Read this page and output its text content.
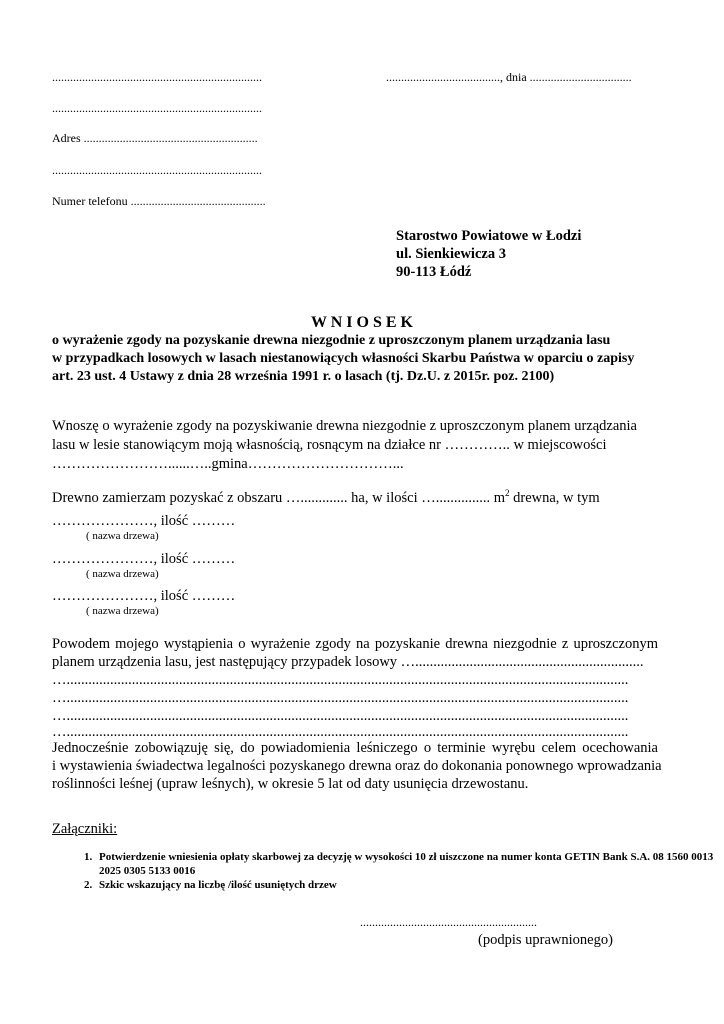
......................................................................	......................................, dnia ..................................
......................................................................
Adres ..........................................................
......................................................................
Numer telefonu .............................................
Starostwo Powiatowe w Łodzi
ul. Sienkiewicza 3
90-113 Łódź
W N I O S E K
o wyrażenie zgody na pozyskanie drewna niezgodnie z uproszczonym planem urządzania lasu
w przypadkach losowych w lasach niestanowiących własności Skarbu Państwa w oparciu o zapisy
art. 23 ust. 4 Ustawy z dnia 28 września 1991 r. o lasach (tj. Dz.U. z 2015r. poz. 2100)
Wnoszę o wyrażenie zgody na pozyskiwanie drewna niezgodnie z uproszczonym planem urządzania
lasu w lesie stanowiącym moją własnością, rosnącym na działce nr ………….. w miejscowości
……………………......…..gmina…………………………...
Drewno zamierzam pozyskać z obszaru …............. ha, w ilości …............... $m^2$ drewna, w tym
…………………, ilość ………
( nazwa drzewa)
…………………, ilość ………
( nazwa drzewa)
…………………, ilość ………
( nazwa drzewa)
Powodem mojego wystąpienia o wyrażenie zgody na pozyskanie drewna niezgodnie z uproszczonym
planem urządzenia lasu, jest następujący przypadek losowy …...............................................................
…...........................................................................................................................................................
…...........................................................................................................................................................
…...........................................................................................................................................................
…...........................................................................................................................................................
Jednocześnie zobowiązuję się, do powiadomienia leśniczego o terminie wyrębu celem ocechowania
i wystawienia świadectwa legalności pozyskanego drewna oraz do dokonania ponownego wprowadzania
roślinności leśnej (upraw leśnych), w okresie 5 lat od daty usunięcia drzewostanu.
Załączniki:
1. Potwierdzenie wniesienia opłaty skarbowej za decyzję w wysokości 10 zł uiszczone na numer konta GETIN Bank S.A. 08 1560 0013 2025 0305 5133 0016
2. Szkic wskazujący na liczbę /ilość usuniętych drzew
...........................................................
(podpis uprawnionego)
